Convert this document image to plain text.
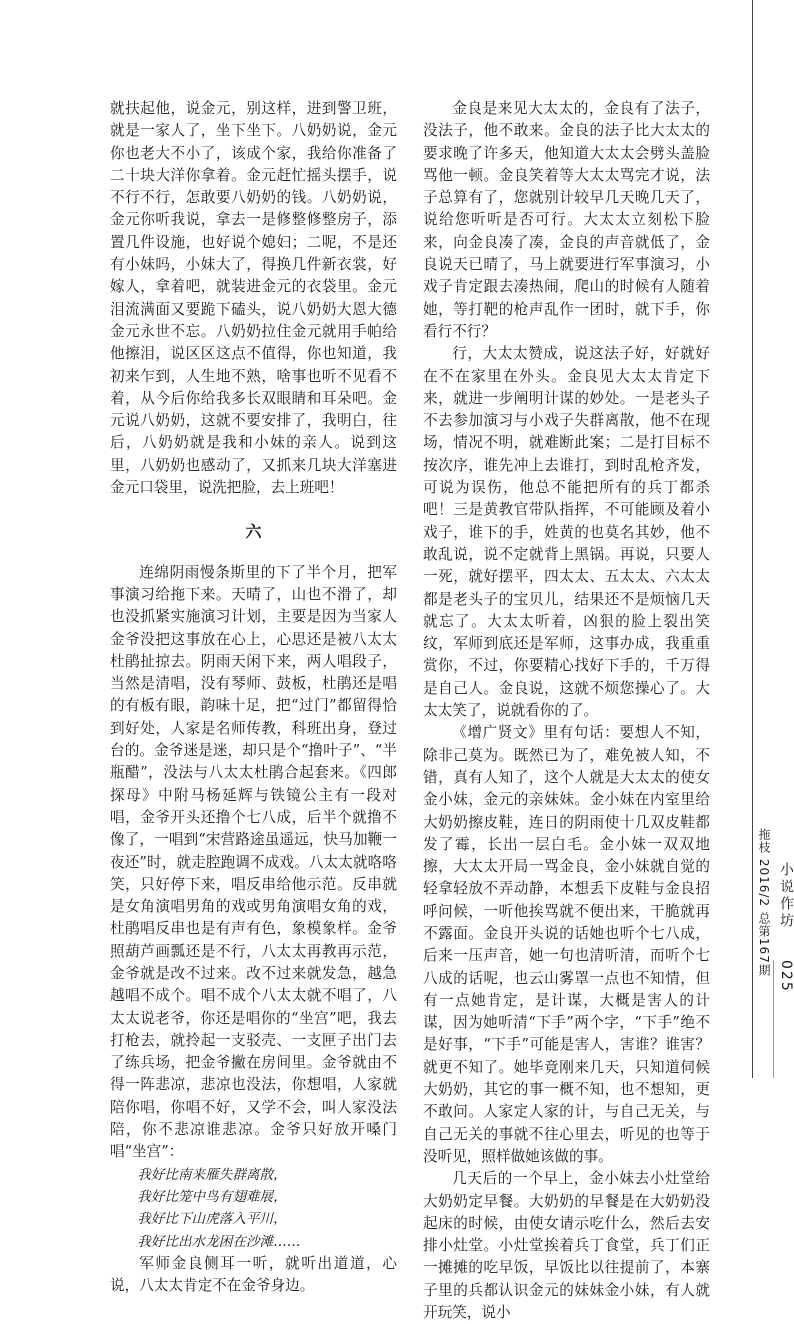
就扶起他，说金元，别这样，进到警卫班，就是一家人了，坐下坐下。八奶奶说，金元你也老大不小了，该成个家，我给你准备了二十块大洋你拿着。金元赶忙摇头摆手，说不行不行，怎敢要八奶奶的钱。八奶奶说，金元你听我说，拿去一是修整修整房子，添置几件设施，也好说个媳妇；二呢，不是还有小妹吗，小妹大了，得换几件新衣裳，好嫁人，拿着吧，就装进金元的衣袋里。金元泪流满面又要跪下磕头，说八奶奶大恩大德金元永世不忘。八奶奶拉住金元就用手帕给他擦泪，说区区这点不值得，你也知道，我初来乍到，人生地不熟，啥事也听不见看不着，从今后你给我多长双眼睛和耳朵吧。金元说八奶奶，这就不要安排了，我明白，往后，八奶奶就是我和小妹的亲人。说到这里，八奶奶也感动了，又抓来几块大洋塞进金元口袋里，说洗把脸，去上班吧！

六

连绵阴雨慢条斯里的下了半个月，把军事演习给拖下来。天晴了，山也不滑了，却也没抓紧实施演习计划，主要是因为当家人金爷没把这事放在心上，心思还是被八太太杜鹃扯掠去。阴雨天闲下来，两人唱段子，当然是清唱，没有琴师、鼓板，杜鹃还是唱的有板有眼，韵味十足，把“过门”都留得恰到好处，人家是名师传教，科班出身，登过台的。金爷迷是迷，却只是个“撸叶子”、“半瓶醋”，没法与八太太杜鹃合起套来。《四郎探母》中附马杨延辉与铁镜公主有一段对唱，金爷开头还撸个七八成，后半个就撸不像了，一唱到“宋营路途虽遥远，快马加鞭一夜还”时，就走腔跑调不成戏。八太太就咯咯笑，只好停下来，唱反串给他示范。反串就是女角演唱男角的戏或男角演唱女角的戏，杜鹃唱反串也是有声有色，象模象样。金爷照葫芦画瓢还是不行，八太太再教再示范，金爷就是改不过来。改不过来就发急，越急越唱不成个。唱不成个八太太就不唱了，八太太说老爷，你还是唱你的“坐宫”吧，我去打枪去，就拎起一支驳壳、一支匣子出门去了练兵场，把金爷撇在房间里。金爷就由不得一阵悲凉，悲凉也没法，你想唱，人家就陪你唱，你唱不好，又学不会，叫人家没法陪，你不悲凉谁悲凉。金爷只好放开嗓门唱“坐宫”：

我好比南来雁失群离散，
我好比笼中鸟有翅难展，
我好比下山虎落入平川，
我好比出水龙困在沙滩……

军师金良侧耳一听，就听出道道，心说，八太太肯定不在金爷身边。

金良是来见大太太的，金良有了法子，没法子，他不敢来。金良的法子比大太太的要求晚了许多天，他知道大太太会劈头盖脸骂他一顿。金良笑着等大太太骂完才说，法子总算有了，您就别计较早几天晚几天了，说给您听听是否可行。大太太立刻松下脸来，向金良凑了凑，金良的声音就低了，金良说天已晴了，马上就要进行军事演习，小戏子肯定跟去凑热闹，爬山的时候有人随着她，等打靶的枪声乱作一团时，就下手，你看行不行？

行，大太太赞成，说这法子好，好就好在不在家里在外头。金良见大太太肯定下来，就进一步阐明计谋的妙处。一是老头子不去参加演习与小戏子失群离散，他不在现场，情况不明，就难断此案；二是打目标不按次序，谁先冲上去谁打，到时乱枪齐发，可说为误伤，他总不能把所有的兵丁都杀吧！三是黄教官带队指挥，不可能顾及着小戏子，谁下的手，姓黄的也莫名其妙，他不敢乱说，说不定就背上黑锅。再说，只要人一死，就好摆平，四太太、五太太、六太太都是老头子的宝贝儿，结果还不是烦恼几天就忘了。大太太听着，凶狠的脸上裂出笑纹，军师到底还是军师，这事办成，我重重赏你，不过，你要精心找好下手的，千万得是自己人。金良说，这就不烦您操心了。大太太笑了，说就看你的了。

《增广贤文》里有句话：要想人不知，除非己莫为。既然已为了，难免被人知，不错，真有人知了，这个人就是大太太的使女金小妹，金元的亲妹妹。金小妹在内室里给大奶奶擦皮鞋，连日的阴雨使十几双皮鞋都发了霉，长出一层白毛。金小妹一双双地擦，大太太开局一骂金良，金小妹就自觉的轻拿轻放不弄动静，本想丢下皮鞋与金良招呼问候，一听他挨骂就不便出来，干脆就再不露面。金良开头说的话她也听个七八成，后来一压声音，她一句也清听清，而听个七八成的话呢，也云山雾罩一点也不知情，但有一点她肯定，是计谋，大概是害人的计谋，因为她听清“下手”两个字，“下手”绝不是好事，“下手”可能是害人，害谁？谁害？就更不知了。她毕竟刚来几天，只知道伺候大奶奶，其它的事一概不知，也不想知，更不敢问。人家定人家的计，与自己无关，与自己无关的事就不往心里去，听见的也等于没听见，照样做她该做的事。

几天后的一个早上，金小妹去小灶堂给大奶奶定早餐。大奶奶的早餐是在大奶奶没起床的时候，由使女请示吃什么，然后去安排小灶堂。小灶堂挨着兵丁食堂，兵丁们正一摊摊的吃早饭，早饭比以往提前了，本寨子里的兵都认识金元的妹妹金小妹，有人就开玩笑，说小

拖枝 2016/2 总第167期 小说作坊
025
